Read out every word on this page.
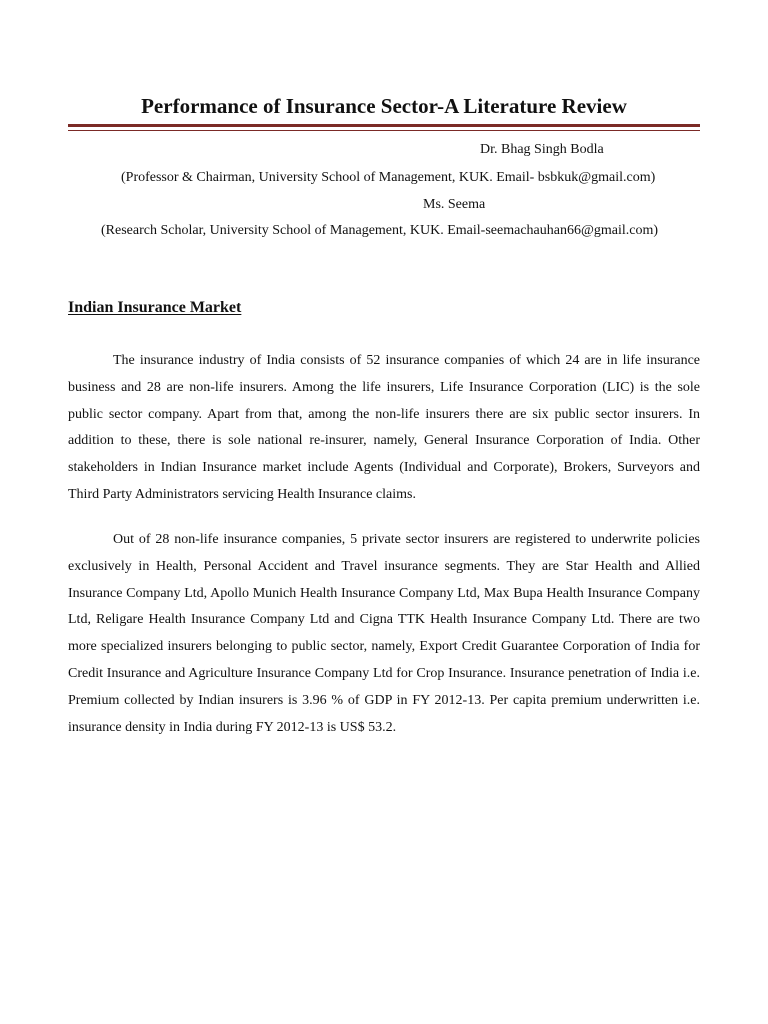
Performance of Insurance Sector-A Literature Review
Dr. Bhag Singh Bodla
(Professor & Chairman, University School of Management, KUK. Email- bsbkuk@gmail.com)
Ms. Seema
(Research Scholar, University School of Management, KUK. Email-seemachauhan66@gmail.com)
Indian Insurance Market

The insurance industry of India consists of 52 insurance companies of which 24 are in life insurance business and 28 are non-life insurers. Among the life insurers, Life Insurance Corporation (LIC) is the sole public sector company. Apart from that, among the non-life insurers there are six public sector insurers. In addition to these, there is sole national re-insurer, namely, General Insurance Corporation of India. Other stakeholders in Indian Insurance market include Agents (Individual and Corporate), Brokers, Surveyors and Third Party Administrators servicing Health Insurance claims.

Out of 28 non-life insurance companies, 5 private sector insurers are registered to underwrite policies exclusively in Health, Personal Accident and Travel insurance segments. They are Star Health and Allied Insurance Company Ltd, Apollo Munich Health Insurance Company Ltd, Max Bupa Health Insurance Company Ltd, Religare Health Insurance Company Ltd and Cigna TTK Health Insurance Company Ltd. There are two more specialized insurers belonging to public sector, namely, Export Credit Guarantee Corporation of India for Credit Insurance and Agriculture Insurance Company Ltd for Crop Insurance. Insurance penetration of India i.e. Premium collected by Indian insurers is 3.96 % of GDP in FY 2012-13. Per capita premium underwritten i.e. insurance density in India during FY 2012-13 is US$ 53.2.
